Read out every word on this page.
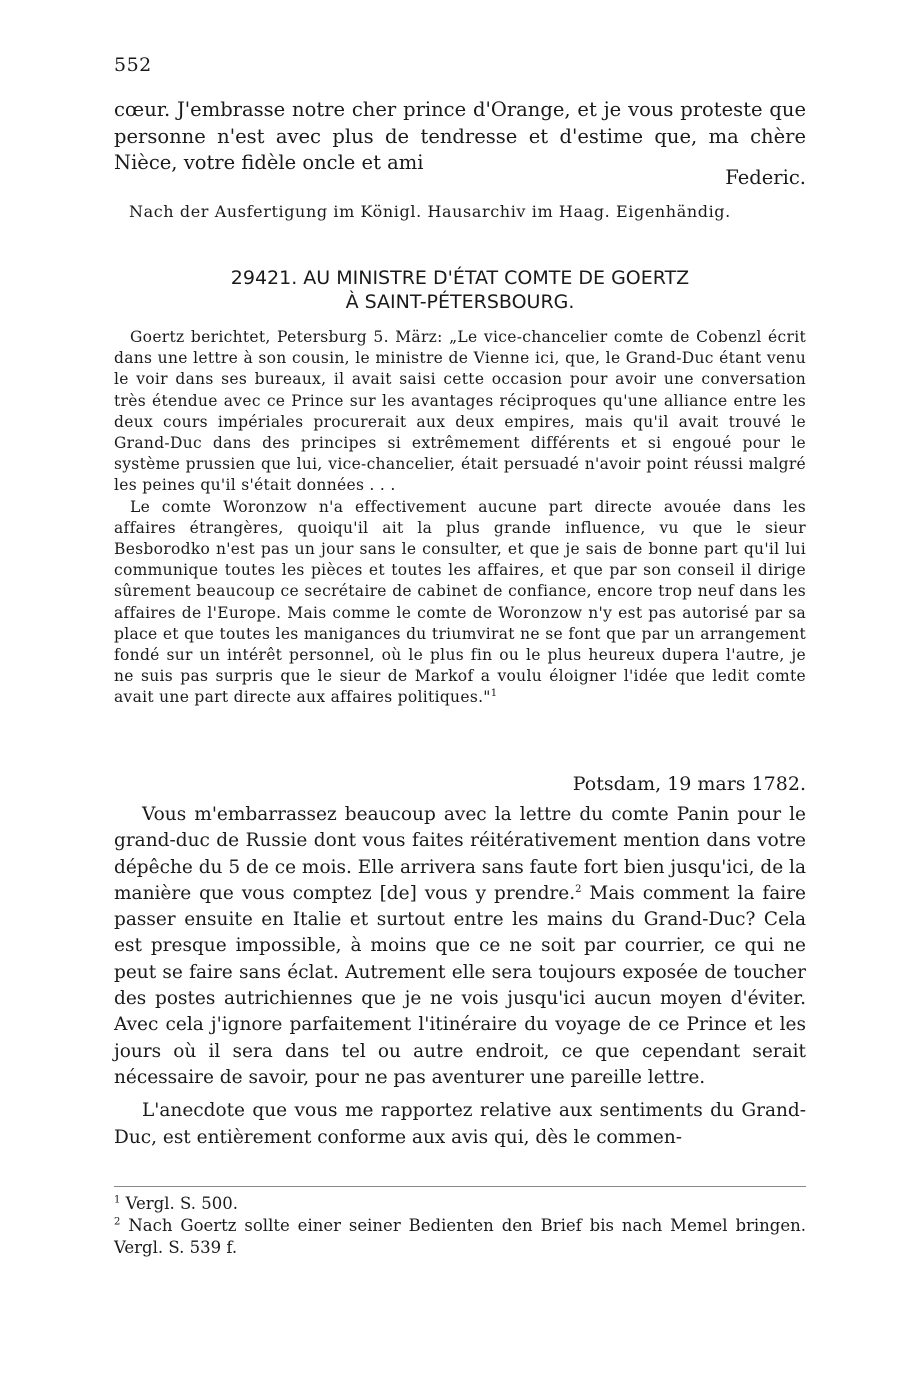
552
cœur. J'embrasse notre cher prince d'Orange, et je vous proteste que personne n'est avec plus de tendresse et d'estime que, ma chère Nièce, votre fidèle oncle et ami
Federic.
Nach der Ausfertigung im Königl. Hausarchiv im Haag. Eigenhändig.
29421. AU MINISTRE D'ÉTAT COMTE DE GOERTZ
À SAINT-PÉTERSBOURG.

Goertz berichtet, Petersburg 5. März: „Le vice-chancelier comte de Cobenzl écrit dans une lettre à son cousin, le ministre de Vienne ici, que, le Grand-Duc étant venu le voir dans ses bureaux, il avait saisi cette occasion pour avoir une conversation très étendue avec ce Prince sur les avantages réciproques qu'une alliance entre les deux cours impériales procurerait aux deux empires, mais qu'il avait trouvé le Grand-Duc dans des principes si extrêmement différents et si engoué pour le système prussien que lui, vice-chancelier, était persuadé n'avoir point réussi malgré les peines qu'il s'était données . . .

Le comte Woronzow n'a effectivement aucune part directe avouée dans les affaires étrangères, quoiqu'il ait la plus grande influence, vu que le sieur Besborodko n'est pas un jour sans le consulter, et que je sais de bonne part qu'il lui communique toutes les pièces et toutes les affaires, et que par son conseil il dirige sûrement beaucoup ce secrétaire de cabinet de confiance, encore trop neuf dans les affaires de l'Europe. Mais comme le comte de Woronzow n'y est pas autorisé par sa place et que toutes les manigances du triumvirat ne se font que par un arrangement fondé sur un intérêt personnel, où le plus fin ou le plus heureux dupera l'autre, je ne suis pas surpris que le sieur de Markof a voulu éloigner l'idée que ledit comte avait une part directe aux affaires politiques."$^1$

Potsdam, 19 mars 1782.

Vous m'embarrassez beaucoup avec la lettre du comte Panin pour le grand-duc de Russie dont vous faites réitérativement mention dans votre dépêche du 5 de ce mois. Elle arrivera sans faute fort bien jusqu'ici, de la manière que vous comptez [de] vous y prendre.$^2$ Mais comment la faire passer ensuite en Italie et surtout entre les mains du Grand-Duc? Cela est presque impossible, à moins que ce ne soit par courrier, ce qui ne peut se faire sans éclat. Autrement elle sera toujours exposée de toucher des postes autrichiennes que je ne vois jusqu'ici aucun moyen d'éviter. Avec cela j'ignore parfaitement l'itinéraire du voyage de ce Prince et les jours où il sera dans tel ou autre endroit, ce que cependant serait nécessaire de savoir, pour ne pas aventurer une pareille lettre.

L'anecdote que vous me rapportez relative aux sentiments du Grand-Duc, est entièrement conforme aux avis qui, dès le commen-

$^1$ Vergl. S. 500.

$^2$ Nach Goertz sollte einer seiner Bedienten den Brief bis nach Memel bringen. Vergl. S. 539 f.
